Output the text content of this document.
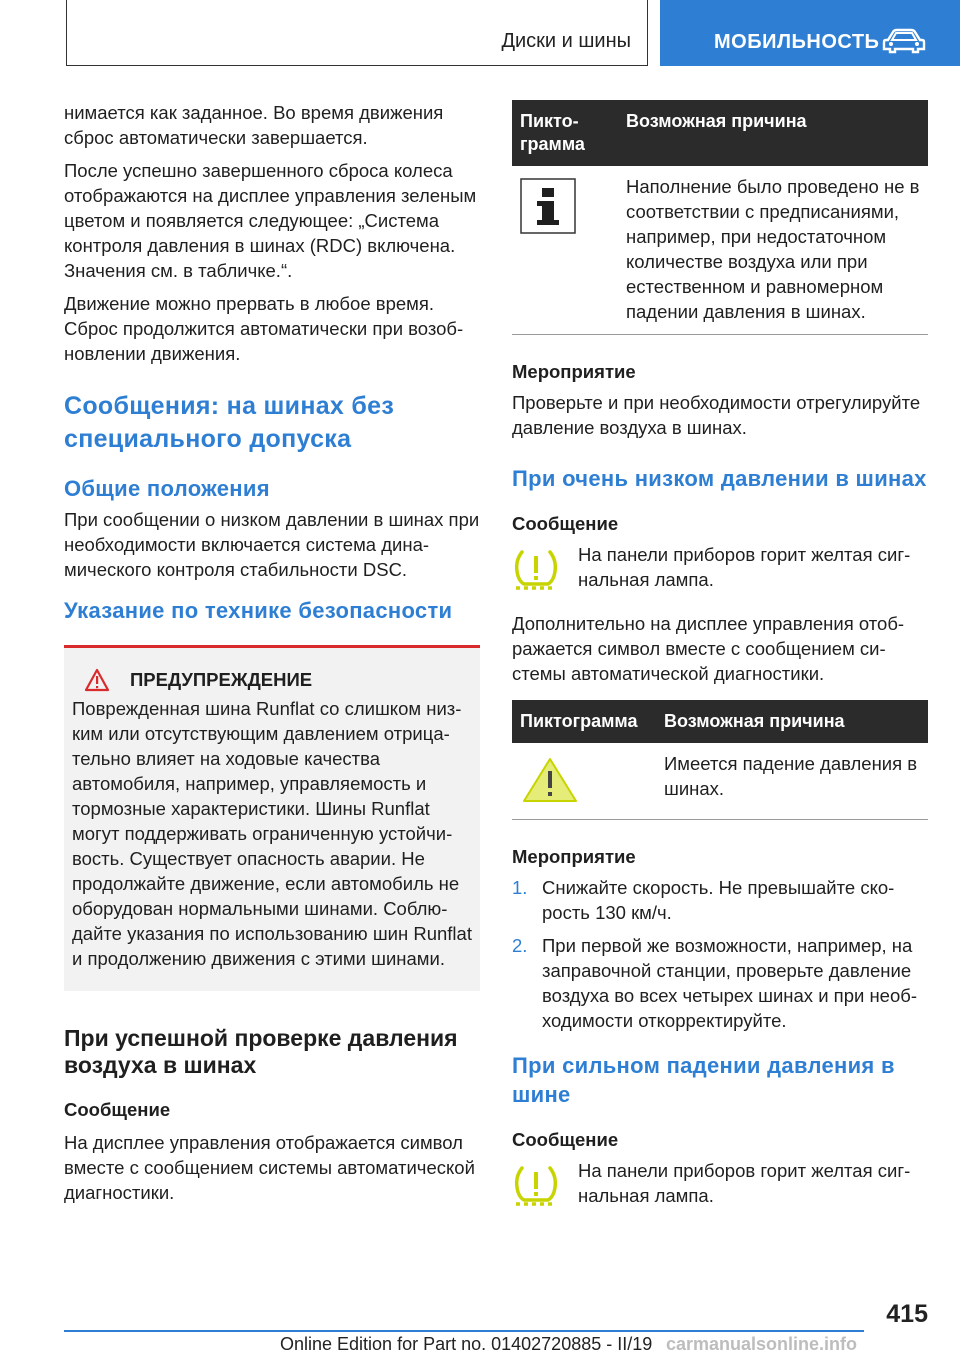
Диски и шины	МОБИЛЬНОСТЬ

нимается как заданное. Во время движения сброс автоматически завершается.

После успешно завершенного сброса колеса отображаются на дисплее управления зеленым цветом и появляется следующее: „Система контроля давления в шинах (RDC) включена. Значения см. в табличке.“.

Движение можно прервать в любое время. Сброс продолжится автоматически при возобновлении движения.

Сообщения: на шинах без специального допуска
Общие положения

При сообщении о низком давлении в шинах при необходимости включается система динамического контроля стабильности DSC.

Указание по технике безопасности
ПРЕДУПРЕЖДЕНИЕ

Поврежденная шина Runflat со слишком низким или отсутствующим давлением отрицательно влияет на ходовые качества автомобиля, например, управляемость и тормозные характеристики. Шины Runflat могут поддерживать ограниченную устойчивость. Существует опасность аварии. Не продолжайте движение, если автомобиль не оборудован нормальными шинами. Соблюдайте указания по использованию шин Runflat и продолжению движения с этими шинами.

При успешной проверке давления воздуха в шинах
Сообщение

На дисплее управления отображается символ вместе с сообщением системы автоматической диагностики.

Пиктограмма	Возможная причина
	Наполнение было проведено не в соответствии с предписаниями, например, при недостаточном количестве воздуха или при естественном и равномерном падении давления в шинах.
Мероприятие

Проверьте и при необходимости отрегулируйте давление воздуха в шинах.

При очень низком давлении в шинах
Сообщение
На панели приборов горит желтая сигнальная лампа.

Дополнительно на дисплее управления отображается символ вместе с сообщением системы автоматической диагностики.

Пиктограмма	Возможная причина
	Имеется падение давления в шинах.
Мероприятие
1. Снижайте скорость. Не превышайте скорость 130 км/ч.
2. При первой же возможности, например, на заправочной станции, проверьте давление воздуха во всех четырех шинах и при необходимости откорректируйте.
При сильном падении давления в шине
Сообщение
На панели приборов горит желтая сигнальная лампа.
415
Online Edition for Part no. 01402720885 - II/19 carmanualsonline.info
